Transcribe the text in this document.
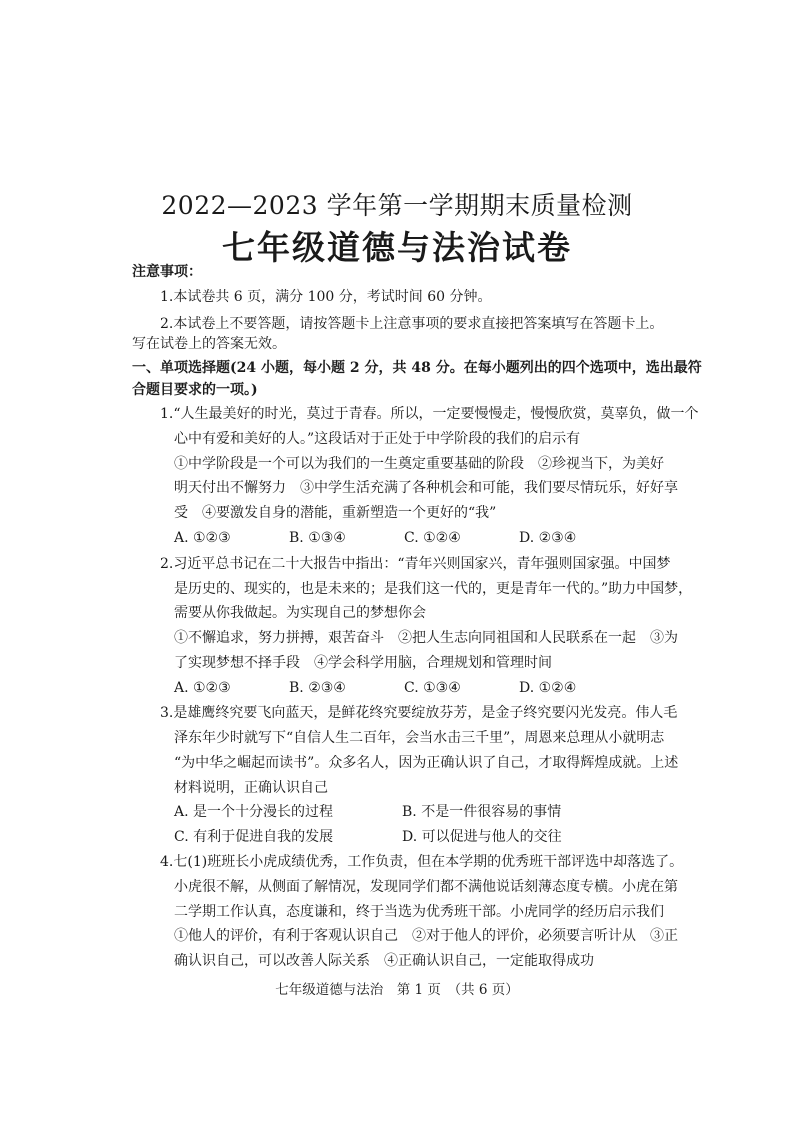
2022—2023 学年第一学期期末质量检测
七年级道德与法治试卷
注意事项：
1.本试卷共 6 页，满分 100 分，考试时间 60 分钟。
2.本试卷上不要答题，请按答题卡上注意事项的要求直接把答案填写在答题卡上。
写在试卷上的答案无效。
一、单项选择题(24 小题，每小题 2 分，共 48 分。在每小题列出的四个选项中，选出最符
合题目要求的一项。)
1.“人生最美好的时光，莫过于青春。所以，一定要慢慢走，慢慢欣赏，莫辜负，做一个
心中有爱和美好的人。”这段话对于正处于中学阶段的我们的启示有
①中学阶段是一个可以为我们的一生奠定重要基础的阶段　②珍视当下，为美好
明天付出不懈努力　③中学生活充满了各种机会和可能，我们要尽情玩乐，好好享
受　④要激发自身的潜能，重新塑造一个更好的“我”
A. ①②③	B. ①③④	C. ①②④	D. ②③④
2.习近平总书记在二十大报告中指出：“青年兴则国家兴，青年强则国家强。中国梦
是历史的、现实的，也是未来的；是我们这一代的，更是青年一代的。”助力中国梦，
需要从你我做起。为实现自己的梦想你会
①不懈追求，努力拼搏，艰苦奋斗　②把人生志向同祖国和人民联系在一起　③为
了实现梦想不择手段　④学会科学用脑，合理规划和管理时间
A. ①②③	B. ②③④	C. ①③④	D. ①②④
3.是雄鹰终究要飞向蓝天，是鲜花终究要绽放芬芳，是金子终究要闪光发亮。伟人毛
泽东年少时就写下“自信人生二百年，会当水击三千里”，周恩来总理从小就明志
“为中华之崛起而读书”。众多名人，因为正确认识了自己，才取得辉煌成就。上述
材料说明，正确认识自己
A. 是一个十分漫长的过程	B. 不是一件很容易的事情
C. 有利于促进自我的发展	D. 可以促进与他人的交往
4.七(1)班班长小虎成绩优秀，工作负责，但在本学期的优秀班干部评选中却落选了。
小虎很不解，从侧面了解情况，发现同学们都不满他说话刻薄态度专横。小虎在第
二学期工作认真，态度谦和，终于当选为优秀班干部。小虎同学的经历启示我们
①他人的评价，有利于客观认识自己　②对于他人的评价，必须要言听计从　③正
确认识自己，可以改善人际关系　④正确认识自己，一定能取得成功
七年级道德与法治　第 1 页　（共 6 页）
